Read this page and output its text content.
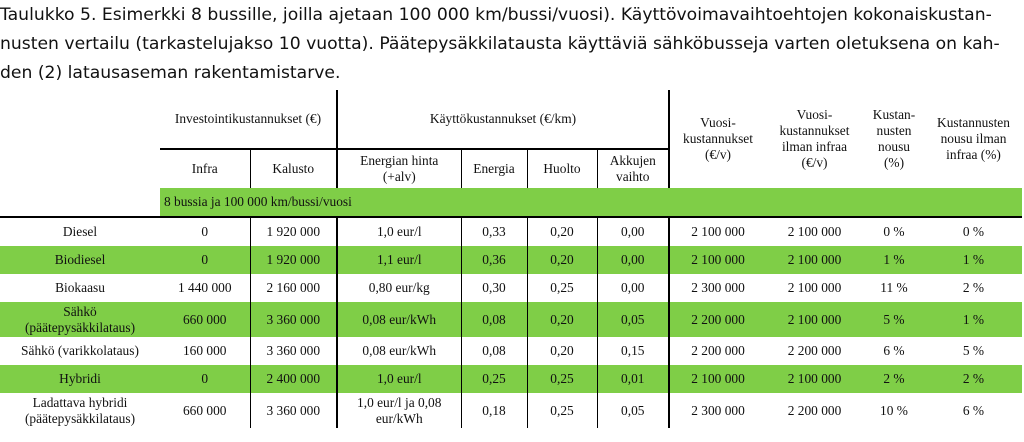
Taulukko 5. Esimerkki 8 bussille, joilla ajetaan 100 000 km/bussi/vuosi). Käyttövoimavaihtoehtojen kokonaiskustan-
nusten vertailu (tarkastelujakso 10 vuotta). Päätepysäkkilatausta käyttäviä sähköbusseja varten oletuksena on kah-
den (2) latausaseman rakentamistarve.
	Investointikustannukset (€)		Käyttökustannukset (€/km)				Vuosi-
kustannukset
(€/v)	Vuosi-
kustannukset
ilman infraa
(€/v)	Kustan-
nusten
nousu
(%)	Kustannusten
nousu ilman
infraa (%)
	Infra	Kalusto	Energian hinta
(+alv)	Energia	Huolto	Akkujen
vaihto				
	8 bussia ja 100 000 km/bussi/vuosi									
Diesel	0	1 920 000	1,0 eur/l	0,33	0,20	0,00	2 100 000	2 100 000	0 %	0 %
Biodiesel	0	1 920 000	1,1 eur/l	0,36	0,20	0,00	2 100 000	2 100 000	1 %	1 %
Biokaasu	1 440 000	2 160 000	0,80 eur/kg	0,30	0,25	0,00	2 300 000	2 100 000	11 %	2 %
Sähkö
(päätepysäkkilataus)	660 000	3 360 000	0,08 eur/kWh	0,08	0,20	0,05	2 200 000	2 100 000	5 %	1 %
Sähkö (varikkolataus)	160 000	3 360 000	0,08 eur/kWh	0,08	0,20	0,15	2 200 000	2 200 000	6 %	5 %
Hybridi	0	2 400 000	1,0 eur/l	0,25	0,25	0,01	2 100 000	2 100 000	2 %	2 %
Ladattava hybridi
(päätepysäkkilataus)	660 000	3 360 000	1,0 eur/l ja 0,08
eur/kWh	0,18	0,25	0,05	2 300 000	2 200 000	10 %	6 %
